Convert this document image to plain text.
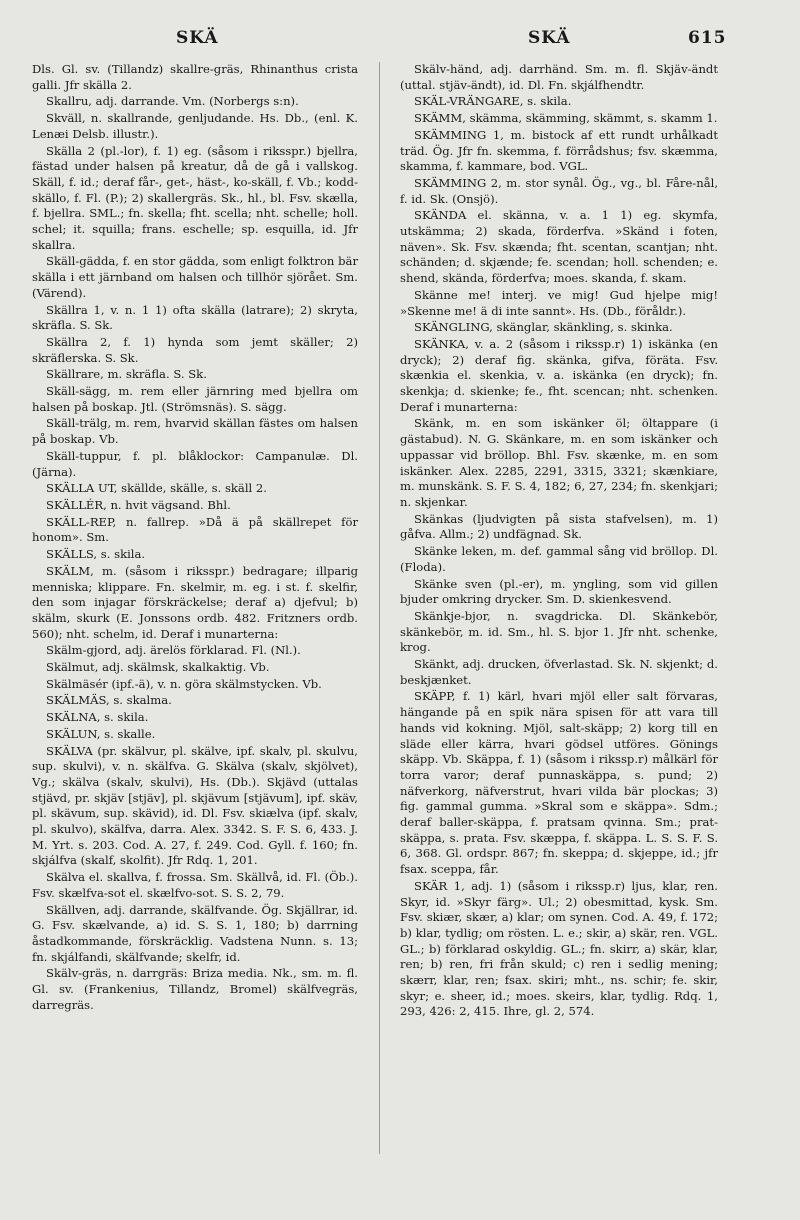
SKÄ	SKÄ	615

Dls. Gl. sv. (Tillandz) skallre-gräs, Rhinanthus crista galli. Jfr skälla 2.

Skallru, adj. darrande. Vm. (Norbergs s:n).

Skväll, n. skallrande, genljudande. Hs. Db., (enl. K. Lenæi Delsb. illustr.).

Skälla 2 (pl.-lor), f. 1) eg. (såsom i riksspr.) bjellra, fästad under halsen på kreatur, då de gå i vallskog. Skäll, f. id.; deraf får-, get-, häst-, ko-skäll, f. Vb.; kodd-skällo, f. Fl. (P.); 2) skallergräs. Sk., hl., bl. Fsv. skælla, f. bjellra. SML.; fn. skella; fht. scella; nht. schelle; holl. schel; it. squilla; frans. eschelle; sp. esquilla, id. Jfr skallra.

Skäll-gädda, f. en stor gädda, som enligt folktron bär skälla i ett järnband om halsen och tillhör sjörået. Sm. (Värend).

Skällra 1, v. n. 1 1) ofta skälla (latrare); 2) skryta, skräfla. S. Sk.

Skällra 2, f. 1) hynda som jemt skäller; 2) skräflerska. S. Sk.

Skällrare, m. skräfla. S. Sk.

Skäll-sägg, m. rem eller järnring med bjellra om halsen på boskap. Jtl. (Strömsnäs). S. sägg.

Skäll-trälg, m. rem, hvarvid skällan fästes om halsen på boskap. Vb.

Skäll-tuppur, f. pl. blåklockor: Campanulæ. Dl. (Järna).

SKÄLLA UT, skällde, skälle, s. skäll 2.

SKÄLLÉR, n. hvit vägsand. Bhl.

SKÄLL-REP, n. fallrep. »Då ä på skällrepet för honom». Sm.

SKÄLLS, s. skila.

SKÄLM, m. (såsom i riksspr.) bedragare; illparig menniska; klippare. Fn. skelmir, m. eg. i st. f. skelfir, den som injagar förskräckelse; deraf a) djefvul; b) skälm, skurk (E. Jonssons ordb. 482. Fritzners ordb. 560); nht. schelm, id. Deraf i munarterna:

Skälm-gjord, adj. ärelös förklarad. Fl. (Nl.).

Skälmut, adj. skälmsk, skalkaktig. Vb.

Skälmäsér (ipf.-ä), v. n. göra skälmstycken. Vb.

SKÄLMÄS, s. skalma.

SKÄLNA, s. skila.

SKÄLUN, s. skalle.

SKÄLVA (pr. skälvur, pl. skälve, ipf. skalv, pl. skulvu, sup. skulvi), v. n. skälfva. G. Skälva (skalv, skjölvet), Vg.; skälva (skalv, skulvi), Hs. (Db.). Skjävd (uttalas stjävd, pr. skjäv [stjäv], pl. skjävum [stjävum], ipf. skäv, pl. skävum, sup. skävid), id. Dl. Fsv. skiælva (ipf. skalv, pl. skulvo), skälfva, darra. Alex. 3342. S. F. S. 6, 433. J. M. Yrt. s. 203. Cod. A. 27, f. 249. Cod. Gyll. f. 160; fn. skjálfva (skalf, skolfit). Jfr Rdq. 1, 201.

Skälva el. skallva, f. frossa. Sm. Skällvå, id. Fl. (Öb.). Fsv. skælfva-sot el. skælfvo-sot. S. S. 2, 79.

Skällven, adj. darrande, skälfvande. Ög. Skjällrar, id. G. Fsv. skælvande, a) id. S. S. 1, 180; b) darrning åstadkommande, förskräcklig. Vadstena Nunn. s. 13; fn. skjálfandi, skälfvande; skelfr, id.

Skälv-gräs, n. darrgräs: Briza media. Nk., sm. m. fl. Gl. sv. (Frankenius, Tillandz, Bromel) skälfvegräs, darregräs.

Skälv-händ, adj. darrhänd. Sm. m. fl. Skjäv-ändt (uttal. stjäv-ändt), id. Dl. Fn. skjálfhendtr.

SKÄL-VRÄNGARE, s. skila.

SKÄMM, skämma, skämming, skämmt, s. skamm 1.

SKÄMMING 1, m. bistock af ett rundt urhålkadt träd. Ög. Jfr fn. skemma, f. förrådshus; fsv. skæmma, skamma, f. kammare, bod. VGL.

SKÄMMING 2, m. stor synål. Ög., vg., bl. Fåre-nål, f. id. Sk. (Onsjö).

SKÄNDA el. skänna, v. a. 1 1) eg. skymfa, utskämma; 2) skada, förderfva. »Skänd i foten, näven». Sk. Fsv. skænda; fht. scentan, scantjan; nht. schänden; d. skjænde; fe. scendan; holl. schenden; e. shend, skända, förderfva; moes. skanda, f. skam.

Skänne me! interj. ve mig! Gud hjelpe mig! »Skenne me! ä di inte sannt». Hs. (Db., föråldr.).

SKÄNGLING, skänglar, skänkling, s. skinka.

SKÄNKA, v. a. 2 (såsom i rikssp.r) 1) iskänka (en dryck); 2) deraf fig. skänka, gifva, föräta. Fsv. skænkia el. skenkia, v. a. iskänka (en dryck); fn. skenkja; d. skienke; fe., fht. scencan; nht. schenken. Deraf i munarterna:

Skänk, m. en som iskänker öl; öltappare (i gästabud). N. G. Skänkare, m. en som iskänker och uppassar vid bröllop. Bhl. Fsv. skænke, m. en som iskänker. Alex. 2285, 2291, 3315, 3321; skænkiare, m. munskänk. S. F. S. 4, 182; 6, 27, 234; fn. skenkjari; n. skjenkar.

Skänkas (ljudvigten på sista stafvelsen), m. 1) gåfva. Allm.; 2) undfägnad. Sk.

Skänke leken, m. def. gammal sång vid bröllop. Dl. (Floda).

Skänke sven (pl.-er), m. yngling, som vid gillen bjuder omkring drycker. Sm. D. skienkesvend.

Skänkje-bjor, n. svagdricka. Dl. Skänkebör, skänkebör, m. id. Sm., hl. S. bjor 1. Jfr nht. schenke, krog.

Skänkt, adj. drucken, öfverlastad. Sk. N. skjenkt; d. beskjænket.

SKÄPP, f. 1) kärl, hvari mjöl eller salt förvaras, hängande på en spik nära spisen för att vara till hands vid kokning. Mjöl, salt-skäpp; 2) korg till en släde eller kärra, hvari gödsel utföres. Gönings skäpp. Vb. Skäppa, f. 1) (såsom i rikssp.r) målkärl för torra varor; deraf punnaskäppa, s. pund; 2) näfverkorg, näfverstrut, hvari vilda bär plockas; 3) fig. gammal gumma. »Skral som e skäppa». Sdm.; deraf baller-skäppa, f. pratsam qvinna. Sm.; prat-skäppa, s. prata. Fsv. skæppa, f. skäppa. L. S. S. F. S. 6, 368. Gl. ordspr. 867; fn. skeppa; d. skjeppe, id.; jfr fsax. sceppa, får.

SKÄR 1, adj. 1) (såsom i rikssp.r) ljus, klar, ren. Skyr, id. »Skyr färg». Ul.; 2) obesmittad, kysk. Sm. Fsv. skiær, skær, a) klar; om synen. Cod. A. 49, f. 172; b) klar, tydlig; om rösten. L. e.; skir, a) skär, ren. VGL. GL.; b) förklarad oskyldig. GL.; fn. skirr, a) skär, klar, ren; b) ren, fri från skuld; c) ren i sedlig mening; skærr, klar, ren; fsax. skiri; mht., ns. schir; fe. skir, skyr; e. sheer, id.; moes. skeirs, klar, tydlig. Rdq. 1, 293, 426: 2, 415. Ihre, gl. 2, 574.
